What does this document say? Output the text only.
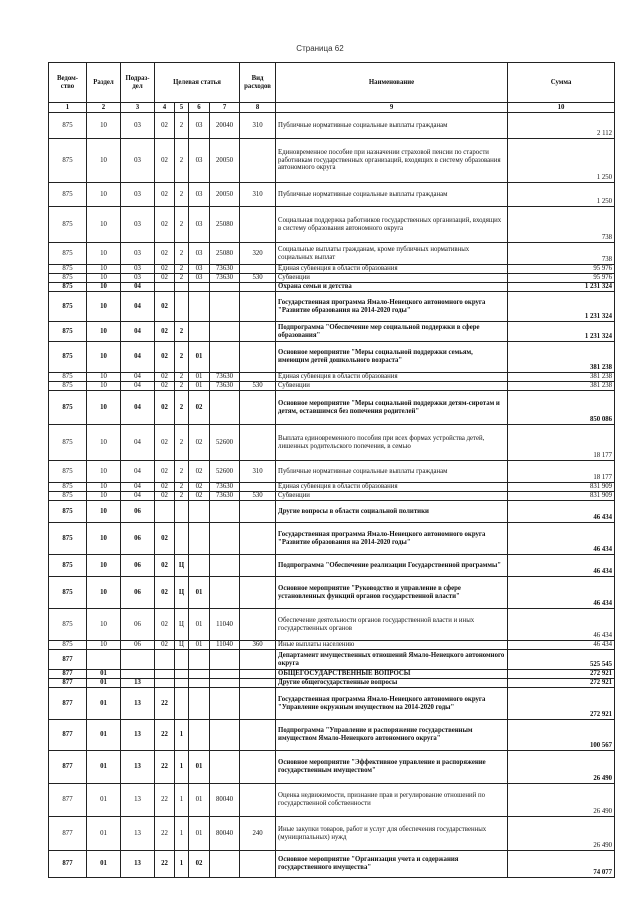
Страница 62
Ведом-ство	Раздел	Подраз-дел	Целевая статья				Вид расходов	Наименование	Сумма
1	2	3	4	5	6	7	8	9	10
875	10	03	02	2	03	20040	310	Публичные нормативные социальные выплаты гражданам	2 112
875	10	03	02	2	03	20050		Единовременное пособие при назначении страховой пенсии по старости работникам государственных организаций, входящих в систему образования автономного округа	1 250
875	10	03	02	2	03	20050	310	Публичные нормативные социальные выплаты гражданам	1 250
875	10	03	02	2	03	25080		Социальная поддержка работников государственных организаций, входящих в систему образования автономного округа	738
875	10	03	02	2	03	25080	320	Социальные выплаты гражданам, кроме публичных нормативных социальных выплат	738
875	10	03	02	2	03	73630		Единая субвенция в области образования	95 976
875	10	03	02	2	03	73630	530	Субвенции	95 976
875	10	04						Охрана семьи и детства	1 231 324
875	10	04	02					Государственная программа Ямало-Ненецкого автономного округа "Развитие образования на 2014-2020 годы"	1 231 324
875	10	04	02	2				Подпрограмма "Обеспечение мер социальной поддержки в сфере образования"	1 231 324
875	10	04	02	2	01			Основное мероприятие "Меры социальной поддержки семьям, имеющим детей дошкольного возраста"	381 238
875	10	04	02	2	01	73630		Единая субвенция в области образования	381 238
875	10	04	02	2	01	73630	530	Субвенции	381 238
875	10	04	02	2	02			Основное мероприятие "Меры социальной поддержки детям-сиротам и детям, оставшимся без попечения родителей"	850 086
875	10	04	02	2	02	52600		Выплата единовременного пособия при всех формах устройства детей, лишенных родительского попечения, в семью	18 177
875	10	04	02	2	02	52600	310	Публичные нормативные социальные выплаты гражданам	18 177
875	10	04	02	2	02	73630		Единая субвенция в области образования	831 909
875	10	04	02	2	02	73630	530	Субвенции	831 909
875	10	06						Другие вопросы в области социальной политики	46 434
875	10	06	02					Государственная программа Ямало-Ненецкого автономного округа "Развитие образования на 2014-2020 годы"	46 434
875	10	06	02	Ц				Подпрограмма "Обеспечение реализации Государственной программы"	46 434
875	10	06	02	Ц	01			Основное мероприятие "Руководство и управление в сфере установленных функций органов государственной власти"	46 434
875	10	06	02	Ц	01	11040		Обеспечение деятельности органов государственной власти и иных государственных органов	46 434
875	10	06	02	Ц	01	11040	360	Иные выплаты населению	46 434
877								Департамент имущественных отношений Ямало-Ненецкого автономного округа	525 545
877	01							ОБЩЕГОСУДАРСТВЕННЫЕ ВОПРОСЫ	272 921
877	01	13						Другие общегосударственные вопросы	272 921
877	01	13	22					Государственная программа Ямало-Ненецкого автономного округа "Управление окружным имуществом на 2014-2020 годы"	272 921
877	01	13	22	1				Подпрограмма "Управление и распоряжение государственным имуществом Ямало-Ненецкого автономного округа"	100 567
877	01	13	22	1	01			Основное мероприятие "Эффективное управление и распоряжение государственным имуществом"	26 490
877	01	13	22	1	01	80040		Оценка недвижимости, признание прав и регулирование отношений по государственной собственности	26 490
877	01	13	22	1	01	80040	240	Иные закупки товаров, работ и услуг для обеспечения государственных (муниципальных) нужд	26 490
877	01	13	22	1	02			Основное мероприятие "Организация учета и содержания государственного имущества"	74 077
